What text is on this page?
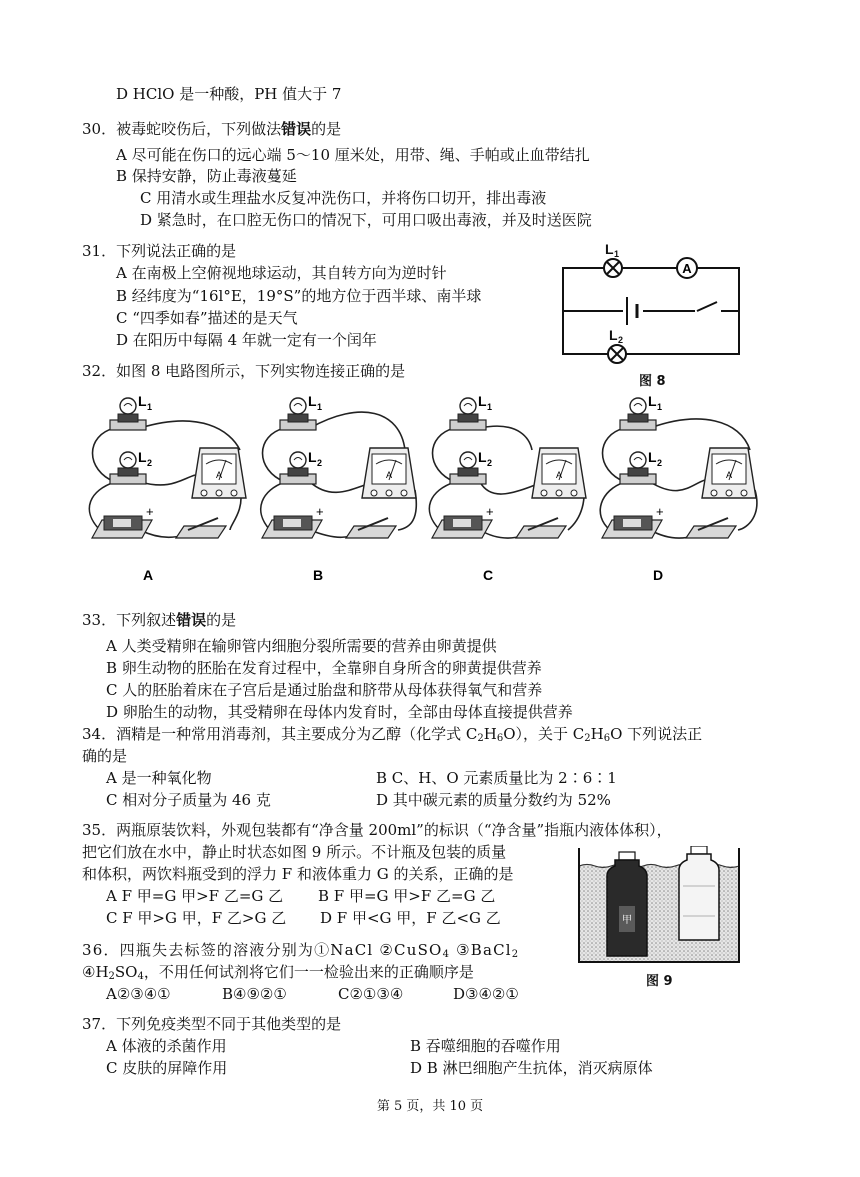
D HClO 是一种酸，PH 值大于 7
30．被毒蛇咬伤后，下列做法错误的是
A 尽可能在伤口的远心端 5～10 厘米处，用带、绳、手帕或止血带结扎
B 保持安静，防止毒液蔓延
C 用清水或生理盐水反复冲洗伤口，并将伤口切开，排出毒液
D 紧急时，在口腔无伤口的情况下，可用口吸出毒液，并及时送医院
31．下列说法正确的是
A 在南极上空俯视地球运动，其自转方向为逆时针
B 经纬度为“16l°E，19°S”的地方位于西半球、南半球
C “四季如春”描述的是天气
D 在阳历中每隔 4 年就一定有一个闰年
A
L 1
L 2
图 8
32．如图 8 电路图所示，下列实物连接正确的是
L 1
L 2
A
+
A
L 1
L 2
A
+
B
L 1
L 2
A
+
C
L 1
L 2
A
+
D
33．下列叙述错误的是
A 人类受精卵在输卵管内细胞分裂所需要的营养由卵黄提供
B 卵生动物的胚胎在发育过程中，全靠卵自身所含的卵黄提供营养
C 人的胚胎着床在子宫后是通过胎盘和脐带从母体获得氧气和营养
D 卵胎生的动物，其受精卵在母体内发育时，全部由母体直接提供营养
34．酒精是一种常用消毒剂，其主要成分为乙醇（化学式 $C_2H_6O$），关于 $C_2H_6O$ 下列说法正
确的是
A 是一种氧化物	B C、H、O 元素质量比为 2∶6∶1
C 相对分子质量为 46 克	D 其中碳元素的质量分数约为 52%
35．两瓶原装饮料，外观包装都有“净含量 200ml”的标识（“净含量”指瓶内液体体积），
把它们放在水中，静止时状态如图 9 所示。不计瓶及包装的质量
和体积，两饮料瓶受到的浮力 F 和液体重力 G 的关系，正确的是
A F 甲=G 甲>F 乙=G 乙 B F 甲=G 甲>F 乙=G 乙
C F 甲>G 甲，F 乙>G 乙 D F 甲<G 甲，F 乙<G 乙	甲
图 9
36．四瓶失去标签的溶液分别为①NaCl ②CuSO$_4$ ③BaCl$_2$
$④H_2SO_4$，不用任何试剂将它们一一检验出来的正确顺序是
A②③④①	B④⑨②①	C②①③④	D③④②①
37．下列免疫类型不同于其他类型的是
A 体液的杀菌作用	B 吞噬细胞的吞噬作用
C 皮肤的屏障作用	D B 淋巴细胞产生抗体，消灭病原体
第 5 页，共 10 页
